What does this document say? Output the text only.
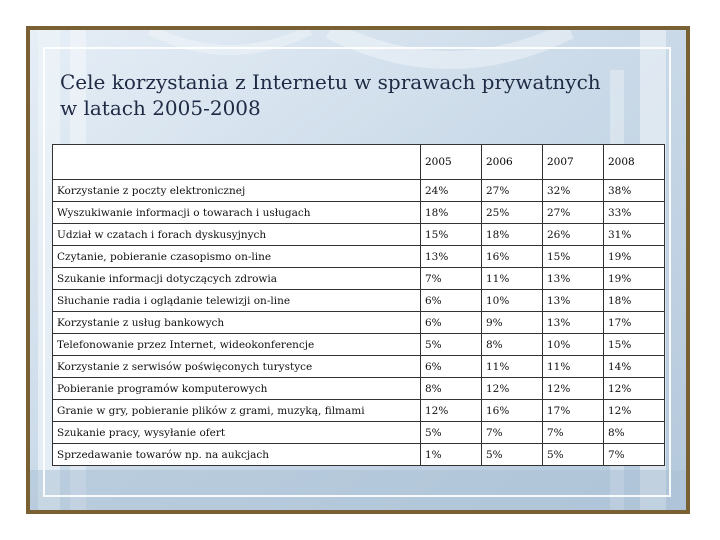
Cele korzystania z Internetu w sprawach prywatnych
w latach 2005-2008
	2005	2006	2007	2008
Korzystanie z poczty elektronicznej	24%	27%	32%	38%
Wyszukiwanie informacji o towarach i usługach	18%	25%	27%	33%
Udział w czatach i forach dyskusyjnych	15%	18%	26%	31%
Czytanie, pobieranie czasopismo on-line	13%	16%	15%	19%
Szukanie informacji dotyczących zdrowia	7%	11%	13%	19%
Słuchanie radia i oglądanie telewizji on-line	6%	10%	13%	18%
Korzystanie z usług bankowych	6%	9%	13%	17%
Telefonowanie przez Internet, wideokonferencje	5%	8%	10%	15%
Korzystanie z serwisów poświęconych turystyce	6%	11%	11%	14%
Pobieranie programów komputerowych	8%	12%	12%	12%
Granie w gry, pobieranie plików z grami, muzyką, filmami	12%	16%	17%	12%
Szukanie pracy, wysyłanie ofert	5%	7%	7%	8%
Sprzedawanie towarów np. na aukcjach	1%	5%	5%	7%
